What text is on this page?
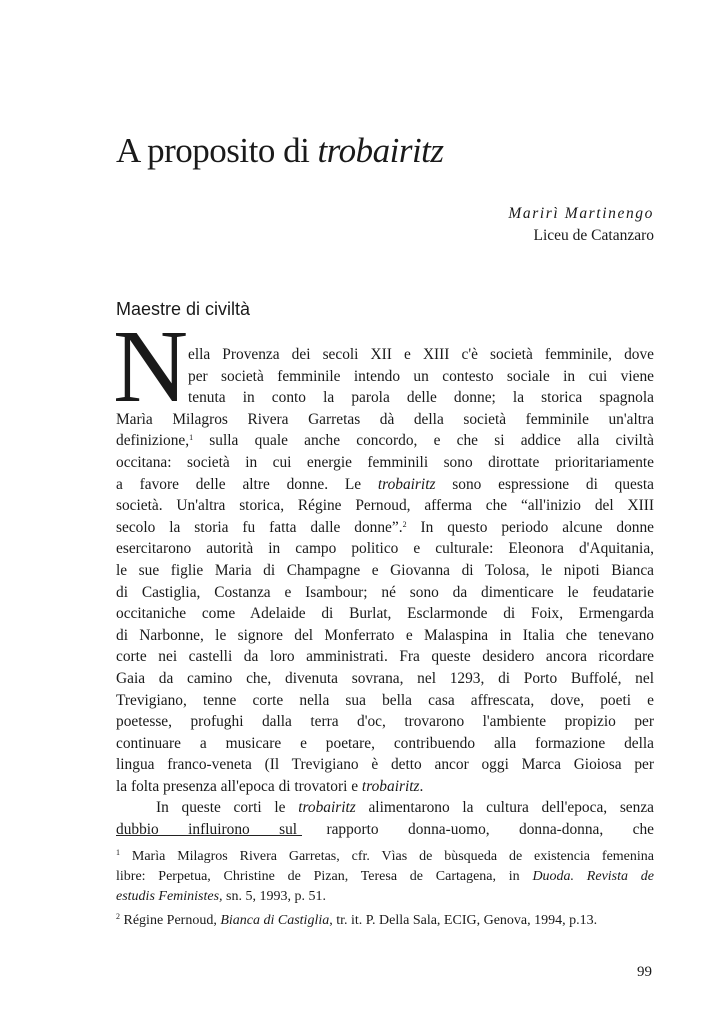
A proposito di trobairitz
Marirì Martinengo
Liceu de Catanzaro
Maestre di civiltà
N ella Provenza dei secoli XII e XIII c'è società femminile, dove
per società femminile intendo un contesto sociale in cui viene
tenuta in conto la parola delle donne; la storica spagnola
Marìa Milagros Rivera Garretas dà della società femminile un'altra
definizione,$^1$ sulla quale anche concordo, e che si addice alla civiltà
occitana: società in cui energie femminili sono dirottate prioritariamente
a favore delle altre donne. Le trobairitz sono espressione di questa
società. Un'altra storica, Régine Pernoud, afferma che “all'inizio del XIII
secolo la storia fu fatta dalle donne”.$^2$ In questo periodo alcune donne
esercitarono autorità in campo politico e culturale: Eleonora d'Aquitania,
le sue figlie Maria di Champagne e Giovanna di Tolosa, le nipoti Bianca
di Castiglia, Costanza e Isambour; né sono da dimenticare le feudatarie
occitaniche come Adelaide di Burlat, Esclarmonde di Foix, Ermengarda
di Narbonne, le signore del Monferrato e Malaspina in Italia che tenevano
corte nei castelli da loro amministrati. Fra queste desidero ancora ricordare
Gaia da camino che, divenuta sovrana, nel 1293, di Porto Buffolé, nel
Trevigiano, tenne corte nella sua bella casa affrescata, dove, poeti e
poetesse, profughi dalla terra d'oc, trovarono l'ambiente propizio per
continuare a musicare e poetare, contribuendo alla formazione della
lingua franco-veneta (Il Trevigiano è detto ancor oggi Marca Gioiosa per
la folta presenza all'epoca di trovatori e trobairitz.
In queste corti le trobairitz alimentarono la cultura dell'epoca, senza
dubbio influirono sul rapporto donna-uomo, donna-donna, che
$^1$ Marìa Milagros Rivera Garretas, cfr. Vìas de bùsqueda de existencia femenina
libre: Perpetua, Christine de Pizan, Teresa de Cartagena, in Duoda. Revista de
estudis Feministes, sn. 5, 1993, p. 51.
$^2$ Régine Pernoud, Bianca di Castiglia, tr. it. P. Della Sala, ECIG, Genova, 1994, p.13.
99
